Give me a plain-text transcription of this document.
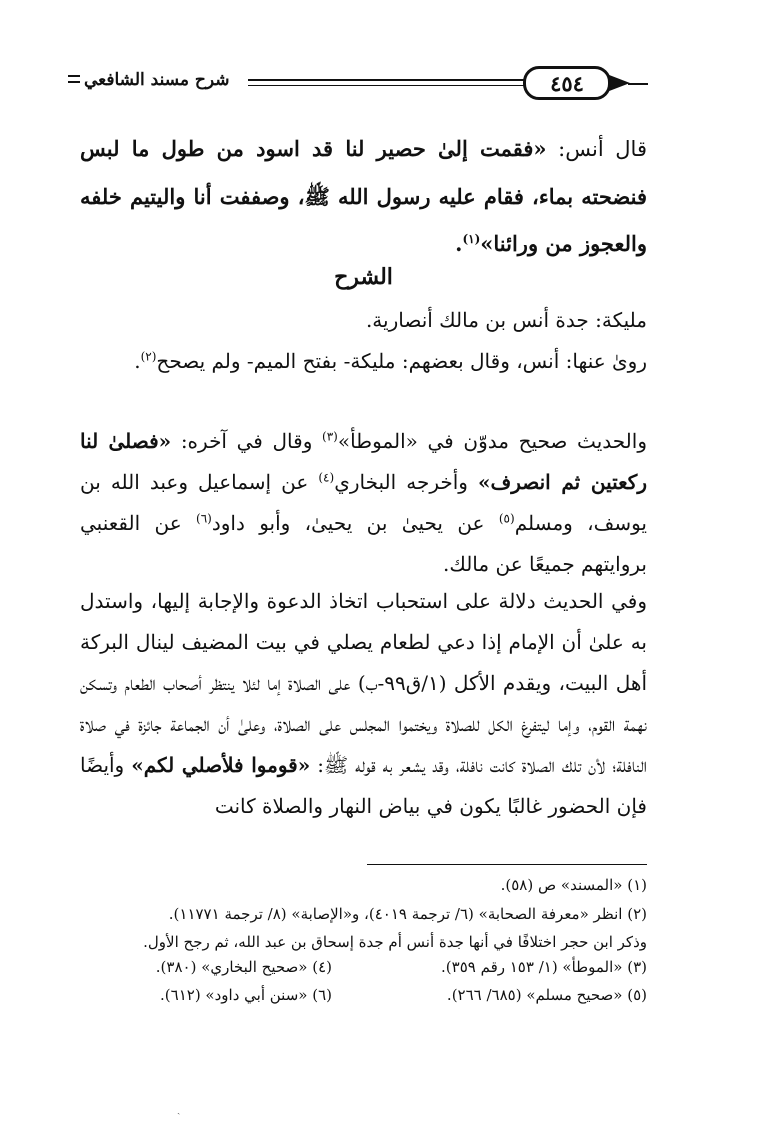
شرح مسند الشافعي	٤٥٤

قال أنس: «فقمت إلىٰ حصير لنا قد اسود من طول ما لبس فنضحته بماء، فقام عليه رسول الله ﷺ، وصففت أنا واليتيم خلفه والعجوز من ورائنا»$^{(١)}$.

الشرح

مليكة: جدة أنس بن مالك أنصارية.

رویٰ عنها: أنس، وقال بعضهم: مليكة- بفتح الميم- ولم يصحح$^{(٢)}$.

والحديث صحيح مدوّن في «الموطأ»$^{(٣)}$ وقال في آخره: «فصلىٰ لنا ركعتين ثم انصرف» وأخرجه البخاري$^{(٤)}$ عن إسماعيل وعبد الله بن يوسف، ومسلم$^{(٥)}$ عن يحيىٰ بن يحيىٰ، وأبو داود$^{(٦)}$ عن القعنبي بروايتهم جميعًا عن مالك.

وفي الحديث دلالة على استحباب اتخاذ الدعوة والإجابة إليها، واستدل به علىٰ أن الإمام إذا دعي لطعام يصلي في بيت المضيف لينال البركة أهل البيت، ويقدم الأكل (١/ق٩٩-ب) على الصلاة إما لئلا ينتظر أصحاب الطعام وتسكن نهمة القوم، وإما ليتفرغ الكل للصلاة ويختموا المجلس على الصلاة، وعلىٰ أن الجماعة جائزة في صلاة النافلة؛ لأن تلك الصلاة كانت نافلة، وقد يشعر به قوله ﷺ: «قوموا فلأصلي لكم» وأيضًا فإن الحضور غالبًا يكون في بياض النهار والصلاة كانت

(١) «المسند» ص (٥٨).
(٢) انظر «معرفة الصحابة» (٦/ ترجمة ٤٠١٩)، و«الإصابة» (٨/ ترجمة ١١٧٧١).
وذكر ابن حجر اختلافًا في أنها جدة أنس أم جدة إسحاق بن عبد الله، ثم رجح الأول.
(٣) «الموطأ» (١/ ١٥٣ رقم ٣٥٩).
(٤) «صحيح البخاري» (٣٨٠).
(٥) «صحيح مسلم» (٦٨٥/ ٢٦٦).
(٦) «سنن أبي داود» (٦١٢).
ˎ
